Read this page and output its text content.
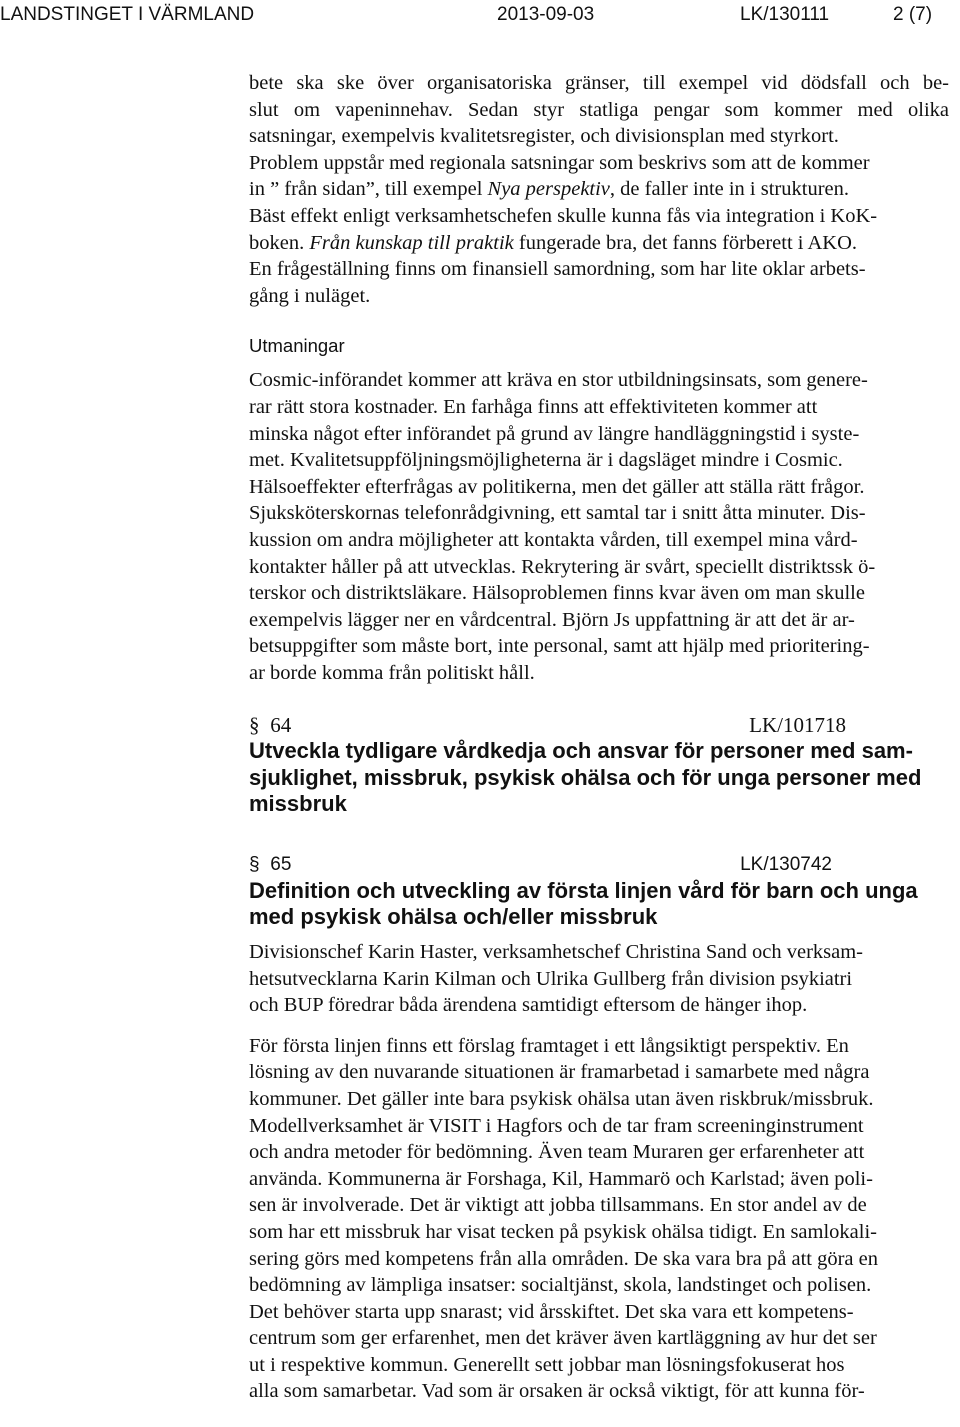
LANDSTINGET I VÄRMLAND	2013-09-03	LK/130111	2 (7)
bete ska ske över organisatoriska gränser, till exempel vid dödsfall och be-
slut om vapeninnehav. Sedan styr statliga pengar som kommer med olika
satsningar, exempelvis kvalitetsregister, och divisionsplan med styrkort.
Problem uppstår med regionala satsningar som beskrivs som att de kommer
in ” från sidan”, till exempel Nya perspektiv, de faller inte in i strukturen.
Bäst effekt enligt verksamhetschefen skulle kunna fås via integration i KoK-
boken. Från kunskap till praktik fungerade bra, det fanns förberett i AKO.
En frågeställning finns om finansiell samordning, som har lite oklar arbets-
gång i nuläget.
Utmaningar
Cosmic-införandet kommer att kräva en stor utbildningsinsats, som genere-
rar rätt stora kostnader. En farhåga finns att effektiviteten kommer att
minska något efter införandet på grund av längre handläggningstid i syste-
met. Kvalitetsuppföljningsmöjligheterna är i dagsläget mindre i Cosmic.
Hälsoeffekter efterfrågas av politikerna, men det gäller att ställa rätt frågor.
Sjuksköterskornas telefonrådgivning, ett samtal tar i snitt åtta minuter. Dis-
kussion om andra möjligheter att kontakta vården, till exempel mina vård-
kontakter håller på att utvecklas. Rekrytering är svårt, speciellt distriktssk ö-
terskor och distriktsläkare. Hälsoproblemen finns kvar även om man skulle
exempelvis lägger ner en vårdcentral. Björn Js uppfattning är att det är ar-
betsuppgifter som måste bort, inte personal, samt att hjälp med prioritering-
ar borde komma från politiskt håll.
§ 64	LK/101718
Utveckla tydligare vårdkedja och ansvar för personer med sam-
sjuklighet, missbruk, psykisk ohälsa och för unga personer med
missbruk
§ 65	LK/130742
Definition och utveckling av första linjen vård för barn och unga
med psykisk ohälsa och/eller missbruk
Divisionschef Karin Haster, verksamhetschef Christina Sand och verksam-
hetsutvecklarna Karin Kilman och Ulrika Gullberg från division psykiatri
och BUP föredrar båda ärendena samtidigt eftersom de hänger ihop.
För första linjen finns ett förslag framtaget i ett långsiktigt perspektiv. En
lösning av den nuvarande situationen är framarbetad i samarbete med några
kommuner. Det gäller inte bara psykisk ohälsa utan även riskbruk/missbruk.
Modellverksamhet är VISIT i Hagfors och de tar fram screeninginstrument
och andra metoder för bedömning. Även team Muraren ger erfarenheter att
använda. Kommunerna är Forshaga, Kil, Hammarö och Karlstad; även poli-
sen är involverade. Det är viktigt att jobba tillsammans. En stor andel av de
som har ett missbruk har visat tecken på psykisk ohälsa tidigt. En samlokali-
sering görs med kompetens från alla områden. De ska vara bra på att göra en
bedömning av lämpliga insatser: socialtjänst, skola, landstinget och polisen.
Det behöver starta upp snarast; vid årsskiftet. Det ska vara ett kompetens-
centrum som ger erfarenhet, men det kräver även kartläggning av hur det ser
ut i respektive kommun. Generellt sett jobbar man lösningsfokuserat hos
alla som samarbetar. Vad som är orsaken är också viktigt, för att kunna för-
